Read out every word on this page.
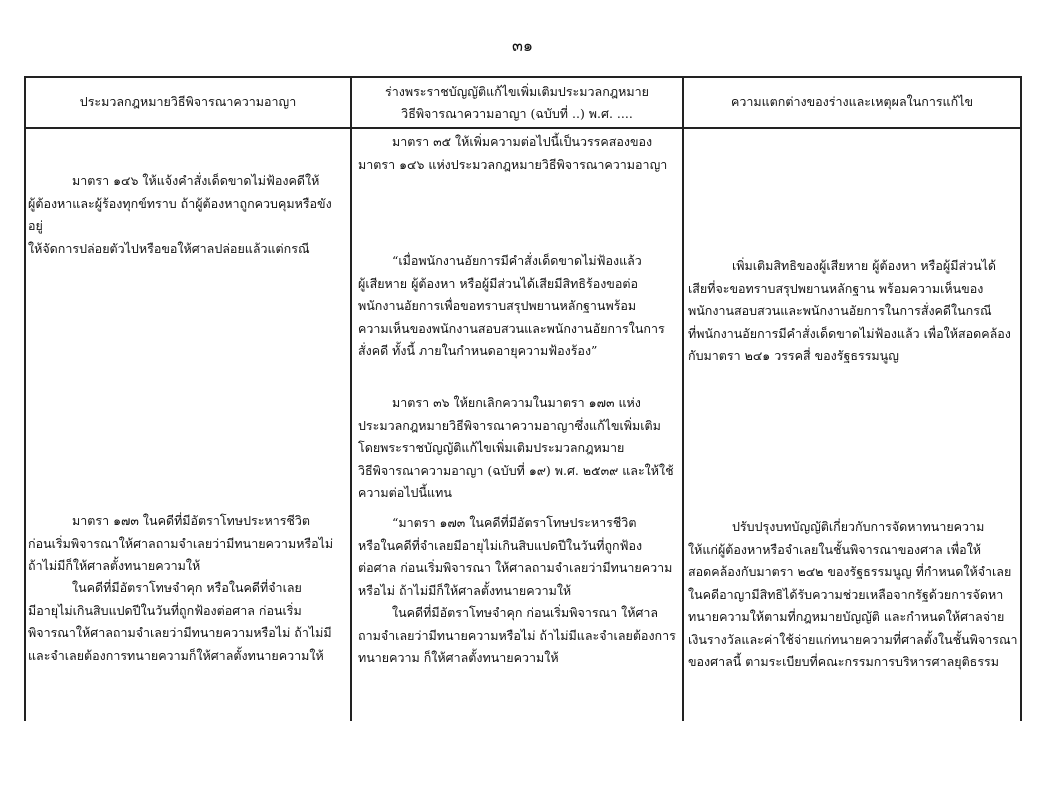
๓๑
ประมวลกฎหมายวิธีพิจารณาความอาญา
ร่างพระราชบัญญัติแก้ไขเพิ่มเติมประมวลกฎหมาย
วิธีพิจารณาความอาญา (ฉบับที่ ..) พ.ศ. ....
ความแตกต่างของร่างและเหตุผลในการแก้ไข
มาตรา ๑๔๖ ให้แจ้งคำสั่งเด็ดขาดไม่ฟ้องคดีให้
ผู้ต้องหาและผู้ร้องทุกข์ทราบ ถ้าผู้ต้องหาถูกควบคุมหรือขังอยู่
ให้จัดการปล่อยตัวไปหรือขอให้ศาลปล่อยแล้วแต่กรณี
มาตรา ๑๗๓ ในคดีที่มีอัตราโทษประหารชีวิต
ก่อนเริ่มพิจารณาให้ศาลถามจำเลยว่ามีทนายความหรือไม่
ถ้าไม่มีก็ให้ศาลตั้งทนายความให้
ในคดีที่มีอัตราโทษจำคุก หรือในคดีที่จำเลย
มีอายุไม่เกินสิบแปดปีในวันที่ถูกฟ้องต่อศาล ก่อนเริ่ม
พิจารณาให้ศาลถามจำเลยว่ามีทนายความหรือไม่ ถ้าไม่มี
และจำเลยต้องการทนายความก็ให้ศาลตั้งทนายความให้
มาตรา ๓๕ ให้เพิ่มความต่อไปนี้เป็นวรรคสองของ
มาตรา ๑๔๖ แห่งประมวลกฎหมายวิธีพิจารณาความอาญา
“เมื่อพนักงานอัยการมีคำสั่งเด็ดขาดไม่ฟ้องแล้ว
ผู้เสียหาย ผู้ต้องหา หรือผู้มีส่วนได้เสียมีสิทธิร้องขอต่อ
พนักงานอัยการเพื่อขอทราบสรุปพยานหลักฐานพร้อม
ความเห็นของพนักงานสอบสวนและพนักงานอัยการในการ
สั่งคดี ทั้งนี้ ภายในกำหนดอายุความฟ้องร้อง”
มาตรา ๓๖ ให้ยกเลิกความในมาตรา ๑๗๓ แห่ง
ประมวลกฎหมายวิธีพิจารณาความอาญาซึ่งแก้ไขเพิ่มเติม
โดยพระราชบัญญัติแก้ไขเพิ่มเติมประมวลกฎหมาย
วิธีพิจารณาความอาญา (ฉบับที่ ๑๙) พ.ศ. ๒๕๓๙ และให้ใช้
ความต่อไปนี้แทน
“มาตรา ๑๗๓ ในคดีที่มีอัตราโทษประหารชีวิต
หรือในคดีที่จำเลยมีอายุไม่เกินสิบแปดปีในวันที่ถูกฟ้อง
ต่อศาล ก่อนเริ่มพิจารณา ให้ศาลถามจำเลยว่ามีทนายความ
หรือไม่ ถ้าไม่มีก็ให้ศาลตั้งทนายความให้
ในคดีที่มีอัตราโทษจำคุก ก่อนเริ่มพิจารณา ให้ศาล
ถามจำเลยว่ามีทนายความหรือไม่ ถ้าไม่มีและจำเลยต้องการ
ทนายความ ก็ให้ศาลตั้งทนายความให้
เพิ่มเติมสิทธิของผู้เสียหาย ผู้ต้องหา หรือผู้มีส่วนได้
เสียที่จะขอทราบสรุปพยานหลักฐาน พร้อมความเห็นของ
พนักงานสอบสวนและพนักงานอัยการในการสั่งคดีในกรณี
ที่พนักงานอัยการมีคำสั่งเด็ดขาดไม่ฟ้องแล้ว เพื่อให้สอดคล้อง
กับมาตรา ๒๔๑ วรรคสี่ ของรัฐธรรมนูญ
ปรับปรุงบทบัญญัติเกี่ยวกับการจัดหาทนายความ
ให้แก่ผู้ต้องหาหรือจำเลยในชั้นพิจารณาของศาล เพื่อให้
สอดคล้องกับมาตรา ๒๔๒ ของรัฐธรรมนูญ ที่กำหนดให้จำเลย
ในคดีอาญามีสิทธิได้รับความช่วยเหลือจากรัฐด้วยการจัดหา
ทนายความให้ตามที่กฎหมายบัญญัติ และกำหนดให้ศาลจ่าย
เงินรางวัลและค่าใช้จ่ายแก่ทนายความที่ศาลตั้งในชั้นพิจารณา
ของศาลนี้ ตามระเบียบที่คณะกรรมการบริหารศาลยุติธรรม
